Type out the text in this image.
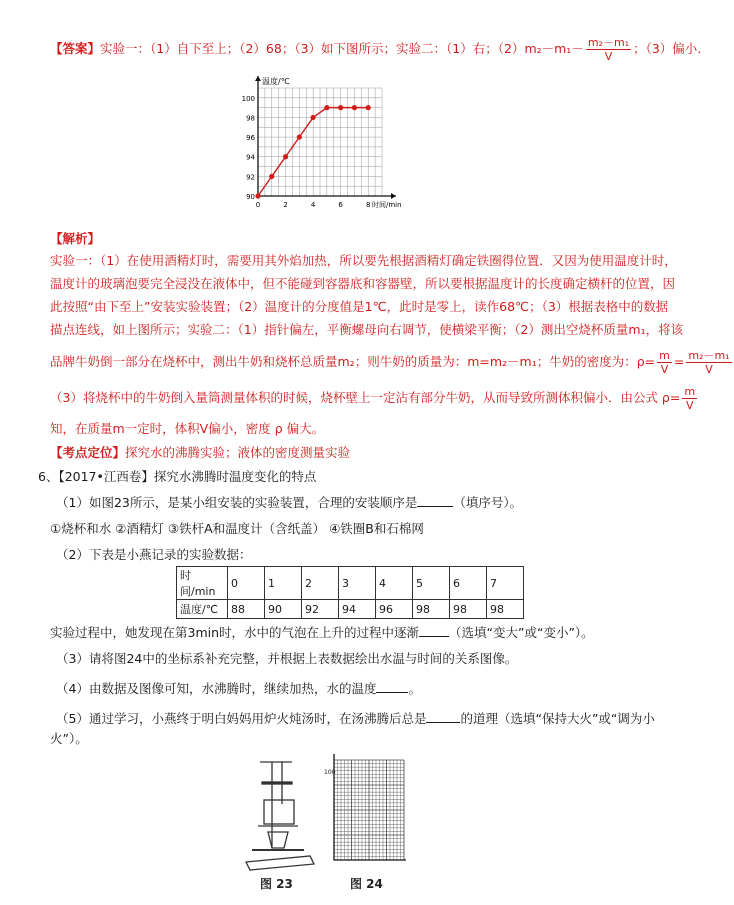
【答案】实验一：（1）自下至上；（2）68；（3）如下图所示；实验二：（1）右；$(2)m_2-m_1- \frac{\text{m₂－m₁}}{V}$ ；（3）偏小.
0	2	4	6	8
90
92
94
96
98
100
温度/℃
时间/min
【解析】
实验一：（1）在使用酒精灯时，需要用其外焰加热，所以要先根据酒精灯确定铁圈得位置．又因为使用温度计时，
温度计的玻璃泡要完全浸没在液体中，但不能碰到容器底和容器壁，所以要根据温度计的长度确定横杆的位置，因
此按照“由下至上”安装实验装置；（2）温度计的分度值是1℃，此时是零上，读作68℃；（3）根据表格中的数据
描点连线，如上图所示；实验二：（1）指针偏左，平衡螺母向右调节，使横梁平衡；（2）测出空烧杯质量m₁，将该
品牌牛奶倒一部分在烧杯中，测出牛奶和烧杯总质量m₂；则牛奶的质量为：m=m₂－m₁；牛奶的密度为：$\rho= \frac{m}{V} = \frac{\text{m₂－m₁}}{V}$
（3）将烧杯中的牛奶倒入量筒测量体积的时候，烧杯壁上一定沾有部分牛奶，从而导致所测体积偏小．由公式 $\rho= \frac{m}{V}$
知，在质量m一定时，体积V偏小，密度 ρ 偏大。
【考点定位】探究水的沸腾实验；液体的密度测量实验
6、【2017•江西卷】探究水沸腾时温度变化的特点
（1）如图23所示，是某小组安装的实验装置，合理的安装顺序是	（填序号）。
①烧杯和水 ②酒精灯 ③铁杆A和温度计（含纸盖） ④铁圈B和石棉网
（2）下表是小燕记录的实验数据：
时间/min	0	1	2	3	4	5	6	7
温度/℃	88	90	92	94	96	98	98	98
实验过程中，她发现在第3min时，水中的气泡在上升的过程中逐渐 （选填“变大”或“变小”）。
（3）请将图24中的坐标系补充完整，并根据上表数据绘出水温与时间的关系图像。
（4）由数据及图像可知，水沸腾时，继续加热，水的温度	。
（5）通过学习，小燕终于明白妈妈用炉火炖汤时，在汤沸腾后总是	的道理（选填“保持大火”或“调为小
火”）。
图 23
100
图 24
